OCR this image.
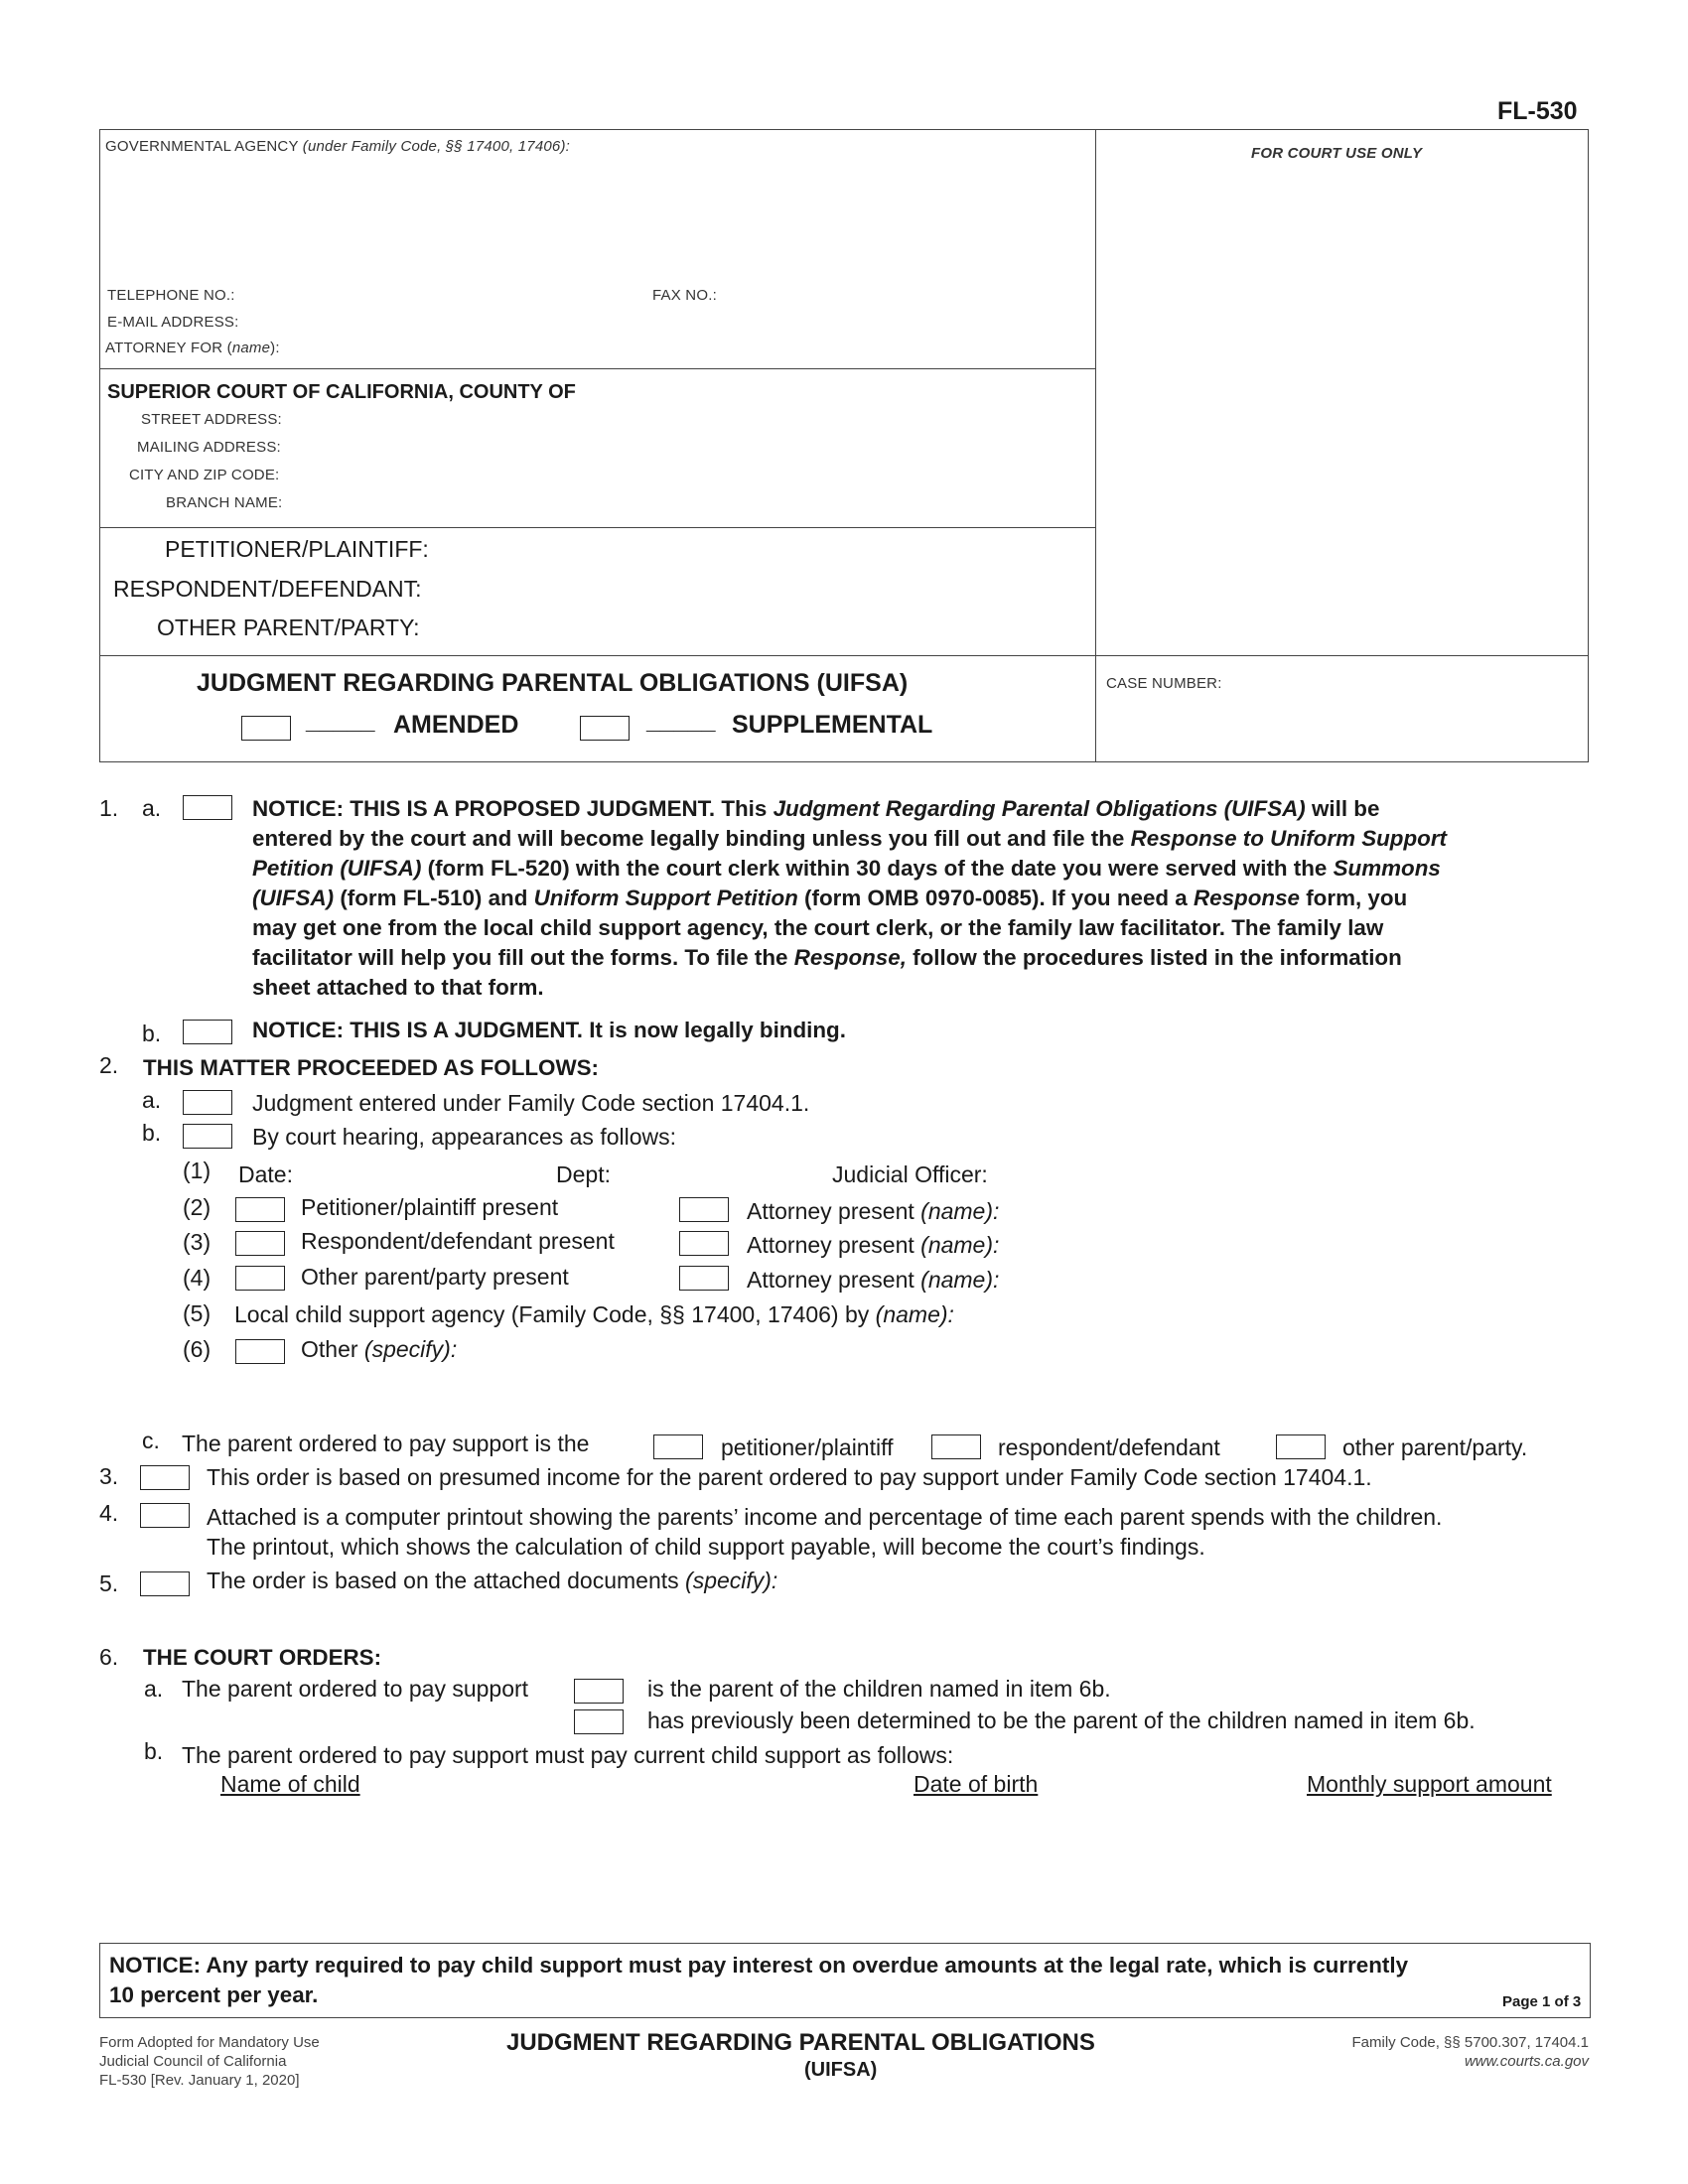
FL-530
GOVERNMENTAL AGENCY (under Family Code, §§ 17400, 17406):	FOR COURT USE ONLY
TELEPHONE NO.:	FAX NO.:
E-MAIL ADDRESS:
ATTORNEY FOR (name):
SUPERIOR COURT OF CALIFORNIA, COUNTY OF
STREET ADDRESS:
MAILING ADDRESS:
CITY AND ZIP CODE:
BRANCH NAME:
PETITIONER/PLAINTIFF:
RESPONDENT/DEFENDANT:
OTHER PARENT/PARTY:
JUDGMENT REGARDING PARENTAL OBLIGATIONS (UIFSA)
_____ AMENDED	_____ SUPPLEMENTAL
CASE NUMBER:
1. a.	NOTICE: THIS IS A PROPOSED JUDGMENT. This Judgment Regarding Parental Obligations (UIFSA) will be
entered by the court and will become legally binding unless you fill out and file the Response to Uniform Support
Petition (UIFSA) (form FL-520) with the court clerk within 30 days of the date you were served with the Summons
(UIFSA) (form FL-510) and Uniform Support Petition (form OMB 0970-0085). If you need a Response form, you
may get one from the local child support agency, the court clerk, or the family law facilitator. The family law
facilitator will help you fill out the forms. To file the Response, follow the procedures listed in the information
sheet attached to that form.
b.	NOTICE: THIS IS A JUDGMENT. It is now legally binding.
2. THIS MATTER PROCEEDED AS FOLLOWS:
a.	Judgment entered under Family Code section 17404.1.
b.	By court hearing, appearances as follows:
(1) Date:	Dept:	Judicial Officer:
(2)	Petitioner/plaintiff present	Attorney present (name):
(3)	Respondent/defendant present	Attorney present (name):
(4)	Other parent/party present	Attorney present (name):
(5) Local child support agency (Family Code, §§ 17400, 17406) by (name):
(6)	Other (specify):
c. The parent ordered to pay support is the	petitioner/plaintiff	respondent/defendant	other parent/party.
3.	This order is based on presumed income for the parent ordered to pay support under Family Code section 17404.1.
4.	Attached is a computer printout showing the parents’ income and percentage of time each parent spends with the children.
The printout, which shows the calculation of child support payable, will become the court’s findings.
5.	The order is based on the attached documents (specify):
6. THE COURT ORDERS:
a. The parent ordered to pay support	is the parent of the children named in item 6b.
has previously been determined to be the parent of the children named in item 6b.
b. The parent ordered to pay support must pay current child support as follows:
Name of child	Date of birth	Monthly support amount
NOTICE: Any party required to pay child support must pay interest on overdue amounts at the legal rate, which is currently
10 percent per year.	Page 1 of 3
Form Adopted for Mandatory Use
Judicial Council of California
FL-530 [Rev. January 1, 2020]
JUDGMENT REGARDING PARENTAL OBLIGATIONS
(UIFSA)
Family Code, §§ 5700.307, 17404.1
www.courts.ca.gov
